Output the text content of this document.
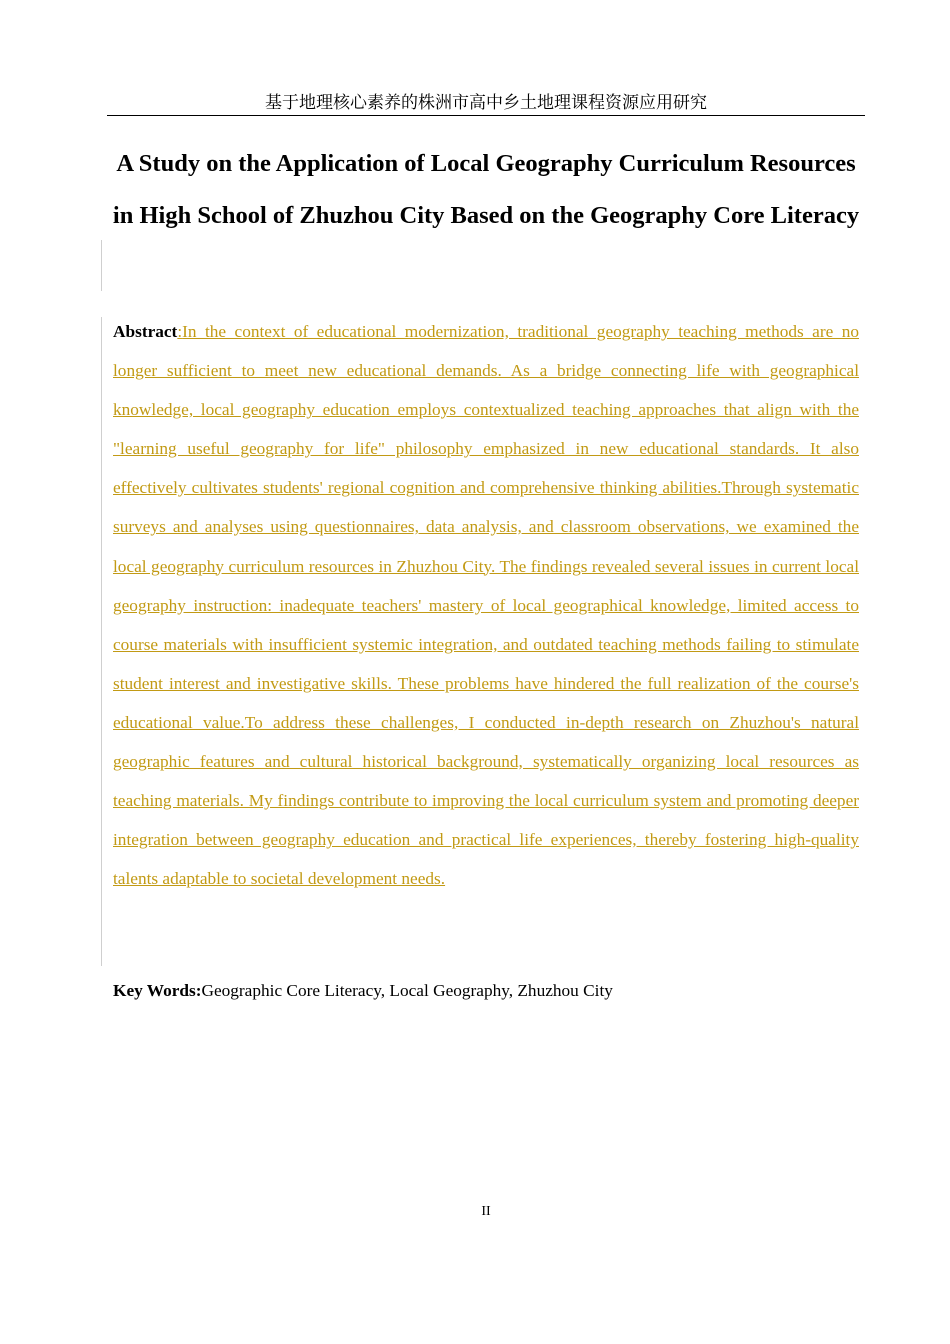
基于地理核心素养的株洲市高中乡土地理课程资源应用研究
A Study on the Application of Local Geography Curriculum Resources in High School of Zhuzhou City Based on the Geography Core Literacy

Abstract:In the context of educational modernization, traditional geography teaching methods are no longer sufficient to meet new educational demands. As a bridge connecting life with geographical knowledge, local geography education employs contextualized teaching approaches that align with the "learning useful geography for life" philosophy emphasized in new educational standards. It also effectively cultivates students' regional cognition and comprehensive thinking abilities.Through systematic surveys and analyses using questionnaires, data analysis, and classroom observations, we examined the local geography curriculum resources in Zhuzhou City. The findings revealed several issues in current local geography instruction: inadequate teachers' mastery of local geographical knowledge, limited access to course materials with insufficient systemic integration, and outdated teaching methods failing to stimulate student interest and investigative skills. These problems have hindered the full realization of the course's educational value.To address these challenges, I conducted in-depth research on Zhuzhou's natural geographic features and cultural historical background, systematically organizing local resources as teaching materials. My findings contribute to improving the local curriculum system and promoting deeper integration between geography education and practical life experiences, thereby fostering high-quality talents adaptable to societal development needs.

Key Words:Geographic Core Literacy, Local Geography, Zhuzhou City

II
